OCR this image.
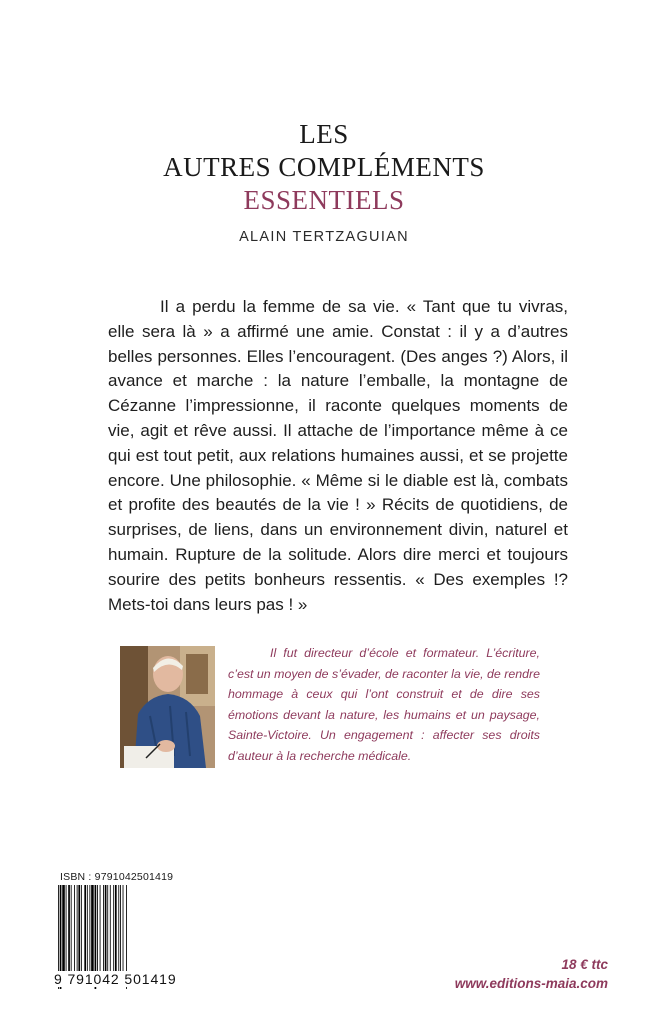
LES
AUTRES COMPLÉMENTS
ESSENTIELS
ALAIN TERTZAGUIAN

Il a perdu la femme de sa vie. « Tant que tu vivras, elle sera là » a affirmé une amie. Constat : il y a d’autres belles personnes. Elles l’encouragent. (Des anges ?) Alors, il avance et marche : la nature l’emballe, la montagne de Cézanne l’impressionne, il raconte quelques moments de vie, agit et rêve aussi. Il attache de l’importance même à ce qui est tout petit, aux relations humaines aussi, et se projette encore. Une philosophie. « Même si le diable est là, combats et profite des beautés de la vie ! » Récits de quotidiens, de surprises, de liens, dans un environnement divin, naturel et humain. Rupture de la solitude. Alors dire merci et toujours sourire des petits bonheurs ressentis. « Des exemples !? Mets-toi dans leurs pas ! »

Il fut directeur d’école et formateur. L’écriture, c’est un moyen de s’évader, de raconter la vie, de rendre hommage à ceux qui l’ont construit et de dire ses émotions devant la nature, les humains et un paysage, Sainte-Victoire. Un engagement : affecter ses droits d’auteur à la recherche médicale.

ISBN : 9791042501419
9 791042 501419
18 € ttc
www.editions-maia.com
